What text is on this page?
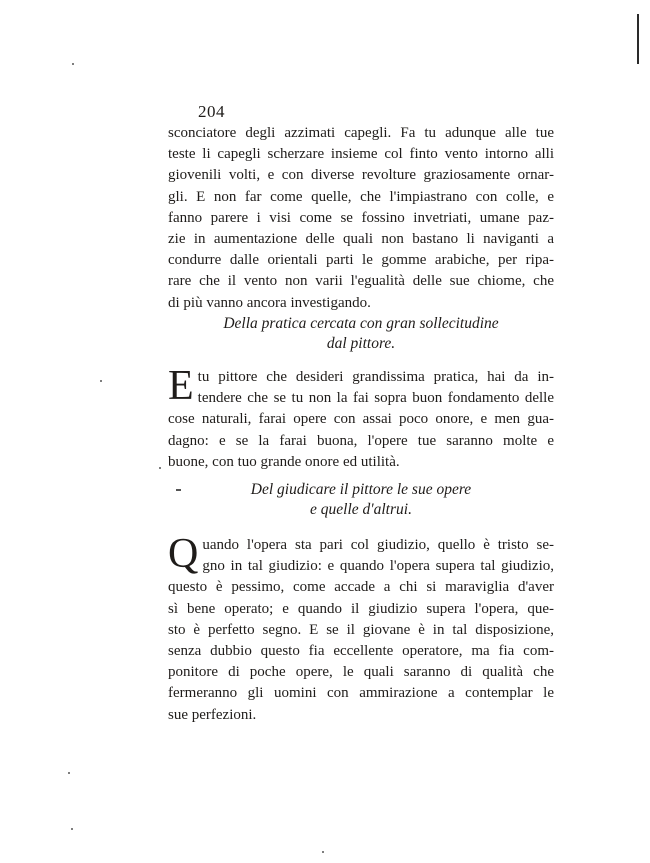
204
sconciatore degli azzimati capegli. Fa tu adunque alle tue
teste li capegli scherzare insieme col finto vento intorno alli
giovenili volti, e con diverse revolture graziosamente ornar-
gli. E non far come quelle, che l'impiastrano con colle, e
fanno parere i visi come se fossino invetriati, umane paz-
zie in aumentazione delle quali non bastano li naviganti a
condurre dalle orientali parti le gomme arabiche, per ripa-
rare che il vento non varii l'egualità delle sue chiome, che
di più vanno ancora investigando.
Della pratica cercata con gran sollecitudine
dal pittore.
E tu pittore che desideri grandissima pratica, hai da in-
tendere che se tu non la fai sopra buon fondamento delle
cose naturali, farai opere con assai poco onore, e men gua-
dagno: e se la farai buona, l'opere tue saranno molte e
buone, con tuo grande onore ed utilità.
Del giudicare il pittore le sue opere
e quelle d'altrui.
Q uando l'opera sta pari col giudizio, quello è tristo se-
gno in tal giudizio: e quando l'opera supera tal giudizio,
questo è pessimo, come accade a chi si maraviglia d'aver
sì bene operato; e quando il giudizio supera l'opera, que-
sto è perfetto segno. E se il giovane è in tal disposizione,
senza dubbio questo fia eccellente operatore, ma fia com-
ponitore di poche opere, le quali saranno di qualità che
fermeranno gli uomini con ammirazione a contemplar le
sue perfezioni.
